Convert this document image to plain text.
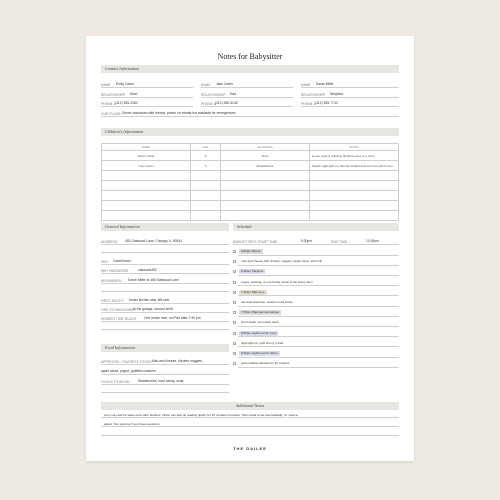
Notes for Babysitter
Contact Information
NAME Emily Carter
RELATIONSHIP Mom
PHONE # (312) 555-2384
NAME Jake Carter
RELATIONSHIP Dad
PHONE # (312) 555-3145
NAME Sarah Miller
RELATIONSHIP Neighbor
PHONE # (312) 555-7743
OUR PLANS: Dinner downtown with friends, phone on vibrate but available for emergencies.
Children's Information
NAME	AGE	ALLERGIES	NOTES
Oliver Carter	4	None	Loves Lego & drawing. Bedtime story is a must.
Lucy Carter	3	Strawberries	Needs night light on; favorite stuffed animal is the pink bunny.

General Information
ADDRESS: 452 Oakwood Lane, Chicago, IL 60614
WIFI: CarterHome
WIFI PASSWORD:	oakwood452
NEIGHBORS: Sarah Miller at 456 Oakwood Lane
FIRST AID KIT: Under kitchen sink, left side
FIRE EXTINGUISHER:
In the garage, second shelf
SCREEN TIME RULES: One movie max, no iPad after 7:30 pm
Food Information
APPROVED / FAVORITE FOODS: Mac and cheese, chicken nuggets,
apple slices, yogurt, goldfish crackers
FOODS TO AVOID: Strawberries, hard candy, soda
Schedule
BABYSITTER'S START TIME:	5:30pm	END TIME:	10:30pm
6:00pm Dinner
mac and cheese with chicken nuggets, apple slices, and milk
6:30pm Playtime
Legos, coloring, or one family movie in the living room
7:15pm Bath time
use kids shampoo, towels in hall closet
7:45pm Pajamas and stories
brush teeth, two books each
8:00pm Lights out for Lucy
night light on, pink bunny in bed
8:30pm Lights out for Oliver
quiet reading allowed for 15 minutes
Additional Notes
Lucy may ask for water once after bedtime. Oliver can stay up reading quietly for 15 minutes if needed. Thermostat is set automatically, no need to
adjust. Text anytime if you have questions.
THE DAILEE
